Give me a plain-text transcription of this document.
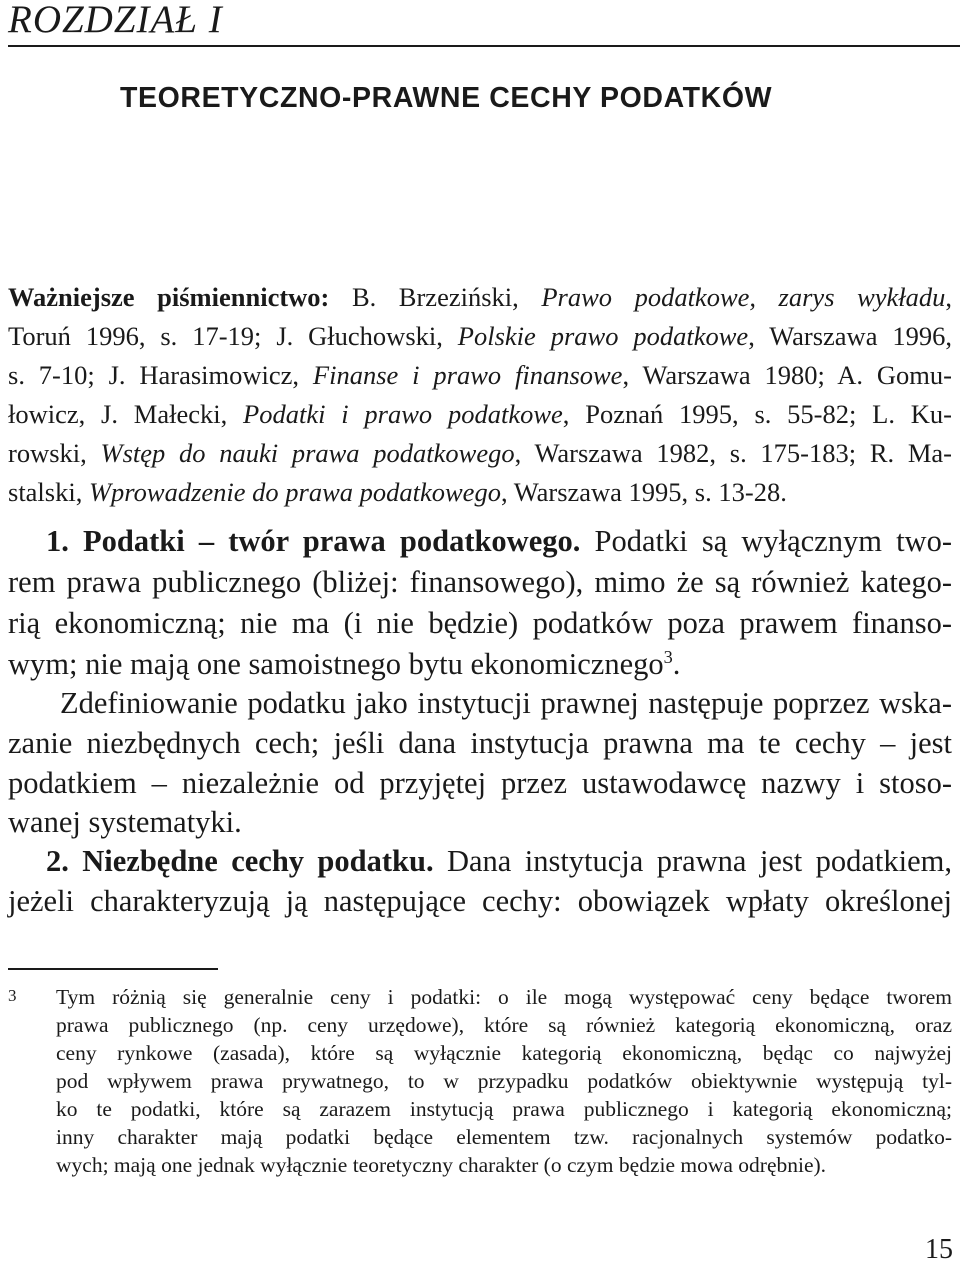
ROZDZIAŁ I
TEORETYCZNO-PRAWNE CECHY PODATKÓW

Ważniejsze piśmiennictwo: B. Brzeziński, Prawo podatkowe, zarys wykładu,

Toruń 1996, s. 17-19; J. Głuchowski, Polskie prawo podatkowe, Warszawa 1996,

s. 7-10; J. Harasimowicz, Finanse i prawo finansowe, Warszawa 1980; A. Gomu-

łowicz, J. Małecki, Podatki i prawo podatkowe, Poznań 1995, s. 55-82; L. Ku-

rowski, Wstęp do nauki prawa podatkowego, Warszawa 1982, s. 175-183; R. Ma-

stalski, Wprowadzenie do prawa podatkowego, Warszawa 1995, s. 13-28.

1. Podatki – twór prawa podatkowego. Podatki są wyłącznym two-

rem prawa publicznego (bliżej: finansowego), mimo że są również katego-

rią ekonomiczną; nie ma (i nie będzie) podatków poza prawem finanso-

wym; nie mają one samoistnego bytu ekonomicznego$^3$.

Zdefiniowanie podatku jako instytucji prawnej następuje poprzez wska-

zanie niezbędnych cech; jeśli dana instytucja prawna ma te cechy – jest

podatkiem – niezależnie od przyjętej przez ustawodawcę nazwy i stoso-

wanej systematyki.

2. Niezbędne cechy podatku. Dana instytucja prawna jest podatkiem,

jeżeli charakteryzują ją następujące cechy: obowiązek wpłaty określonej

3 Tym różnią się generalnie ceny i podatki: o ile mogą występować ceny będące tworem

prawa publicznego (np. ceny urzędowe), które są również kategorią ekonomiczną, oraz

ceny rynkowe (zasada), które są wyłącznie kategorią ekonomiczną, będąc co najwyżej

pod wpływem prawa prywatnego, to w przypadku podatków obiektywnie występują tyl-

ko te podatki, które są zarazem instytucją prawa publicznego i kategorią ekonomiczną;

inny charakter mają podatki będące elementem tzw. racjonalnych systemów podatko-

wych; mają one jednak wyłącznie teoretyczny charakter (o czym będzie mowa odrębnie).

15
